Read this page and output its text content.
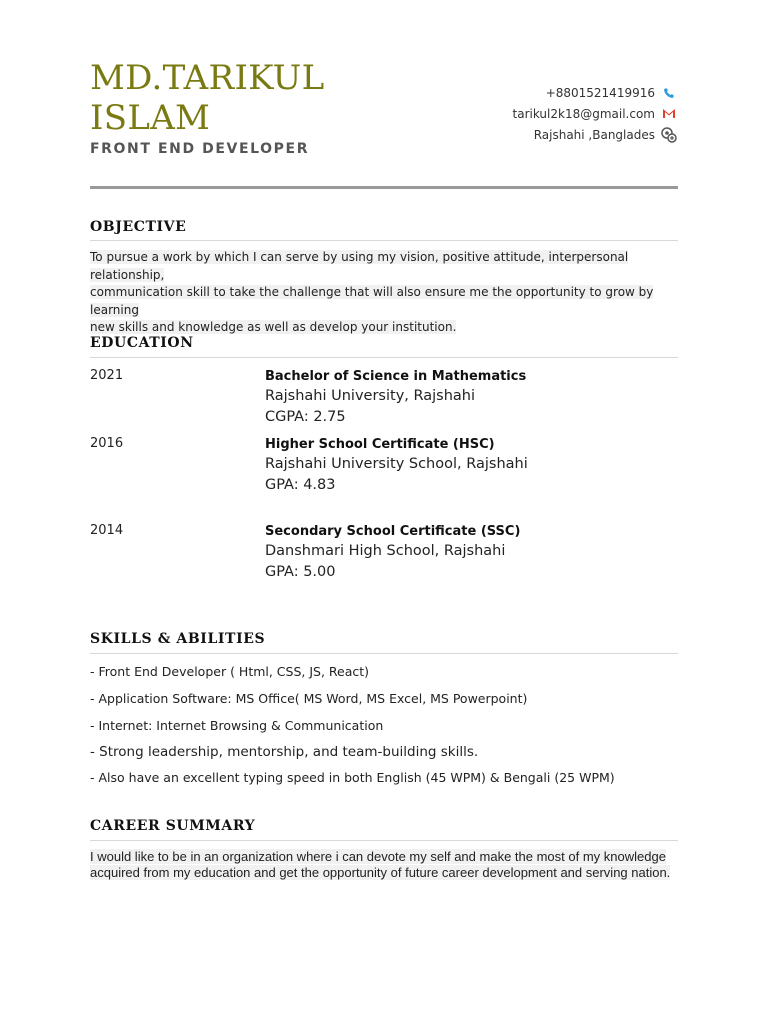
MD.TARIKUL
ISLAM

FRONT END DEVELOPER

+8801521419916
tarikul2k18@gmail.com
Rajshahi ,Banglades
OBJECTIVE

To pursue a work by which I can serve by using my vision, positive attitude, interpersonal relationship,
communication skill to take the challenge that will also ensure me the opportunity to grow by learning
new skills and knowledge as well as develop your institution.

EDUCATION
2021	Bachelor of Science in Mathematics
Rajshahi University, Rajshahi
CGPA: 2.75
2016	Higher School Certificate (HSC)
Rajshahi University School, Rajshahi
GPA: 4.83
2014	Secondary School Certificate (SSC)
Danshmari High School, Rajshahi
GPA: 5.00
SKILLS & ABILITIES
- Front End Developer ( Html, CSS, JS, React)
- Application Software: MS Office( MS Word, MS Excel, MS Powerpoint)
- Internet: Internet Browsing & Communication
- Strong leadership, mentorship, and team-building skills.
- Also have an excellent typing speed in both English (45 WPM) & Bengali (25 WPM)
CAREER SUMMARY

I would like to be in an organization where i can devote my self and make the most of my knowledge
acquired from my education and get the opportunity of future career development and serving nation.
